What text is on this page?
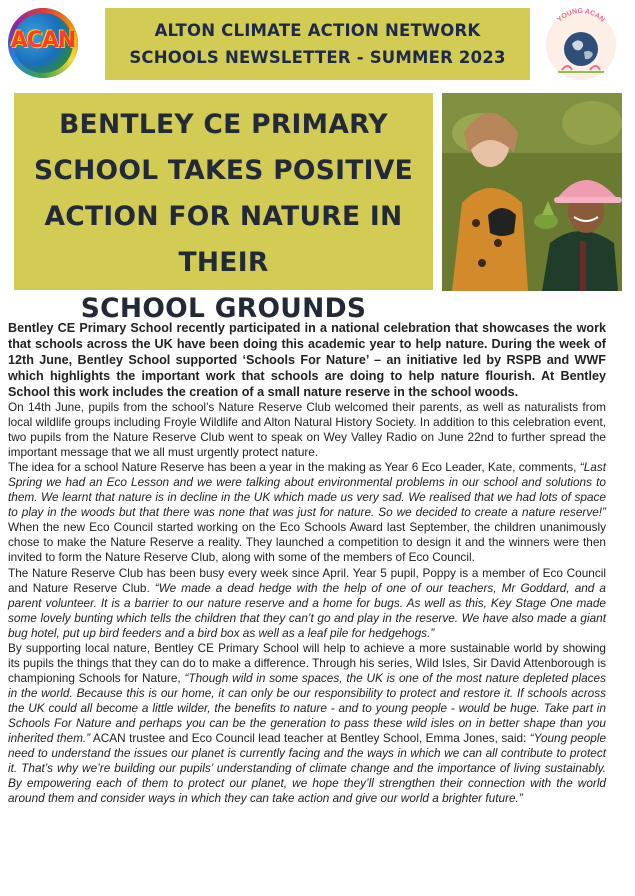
ACAN	ALTON CLIMATE ACTION NETWORK
SCHOOLS NEWSLETTER - SUMMER 2023
YOUNG ACAN
BENTLEY CE PRIMARY
SCHOOL TAKES POSITIVE
ACTION FOR NATURE IN THEIR
SCHOOL GROUNDS

Bentley CE Primary School recently participated in a national celebration that showcases the work that schools across the UK have been doing this academic year to help nature. During the week of 12th June, Bentley School supported ‘Schools For Nature’ – an initiative led by RSPB and WWF which highlights the important work that schools are doing to help nature flourish. At Bentley School this work includes the creation of a small nature reserve in the school woods.

On 14th June, pupils from the school’s Nature Reserve Club welcomed their parents, as well as naturalists from local wildlife groups including Froyle Wildlife and Alton Natural History Society. In addition to this celebration event, two pupils from the Nature Reserve Club went to speak on Wey Valley Radio on June 22nd to further spread the important message that we all must urgently protect nature.

The idea for a school Nature Reserve has been a year in the making as Year 6 Eco Leader, Kate, comments, “Last Spring we had an Eco Lesson and we were talking about environmental problems in our school and solutions to them. We learnt that nature is in decline in the UK which made us very sad. We realised that we had lots of space to play in the woods but that there was none that was just for nature. So we decided to create a nature reserve!” When the new Eco Council started working on the Eco Schools Award last September, the children unanimously chose to make the Nature Reserve a reality. They launched a competition to design it and the winners were then invited to form the Nature Reserve Club, along with some of the members of Eco Council.

The Nature Reserve Club has been busy every week since April. Year 5 pupil, Poppy is a member of Eco Council and Nature Reserve Club. “We made a dead hedge with the help of one of our teachers, Mr Goddard, and a parent volunteer. It is a barrier to our nature reserve and a home for bugs. As well as this, Key Stage One made some lovely bunting which tells the children that they can’t go and play in the reserve. We have also made a giant bug hotel, put up bird feeders and a bird box as well as a leaf pile for hedgehogs.”

By supporting local nature, Bentley CE Primary School will help to achieve a more sustainable world by showing its pupils the things that they can do to make a difference. Through his series, Wild Isles, Sir David Attenborough is championing Schools for Nature, “Though wild in some spaces, the UK is one of the most nature depleted places in the world. Because this is our home, it can only be our responsibility to protect and restore it. If schools across the UK could all become a little wilder, the benefits to nature - and to young people - would be huge. Take part in Schools For Nature and perhaps you can be the generation to pass these wild isles on in better shape than you inherited them.” ACAN trustee and Eco Council lead teacher at Bentley School, Emma Jones, said: “Young people need to understand the issues our planet is currently facing and the ways in which we can all contribute to protect it. That’s why we’re building our pupils’ understanding of climate change and the importance of living sustainably. By empowering each of them to protect our planet, we hope they’ll strengthen their connection with the world around them and consider ways in which they can take action and give our world a brighter future.”
